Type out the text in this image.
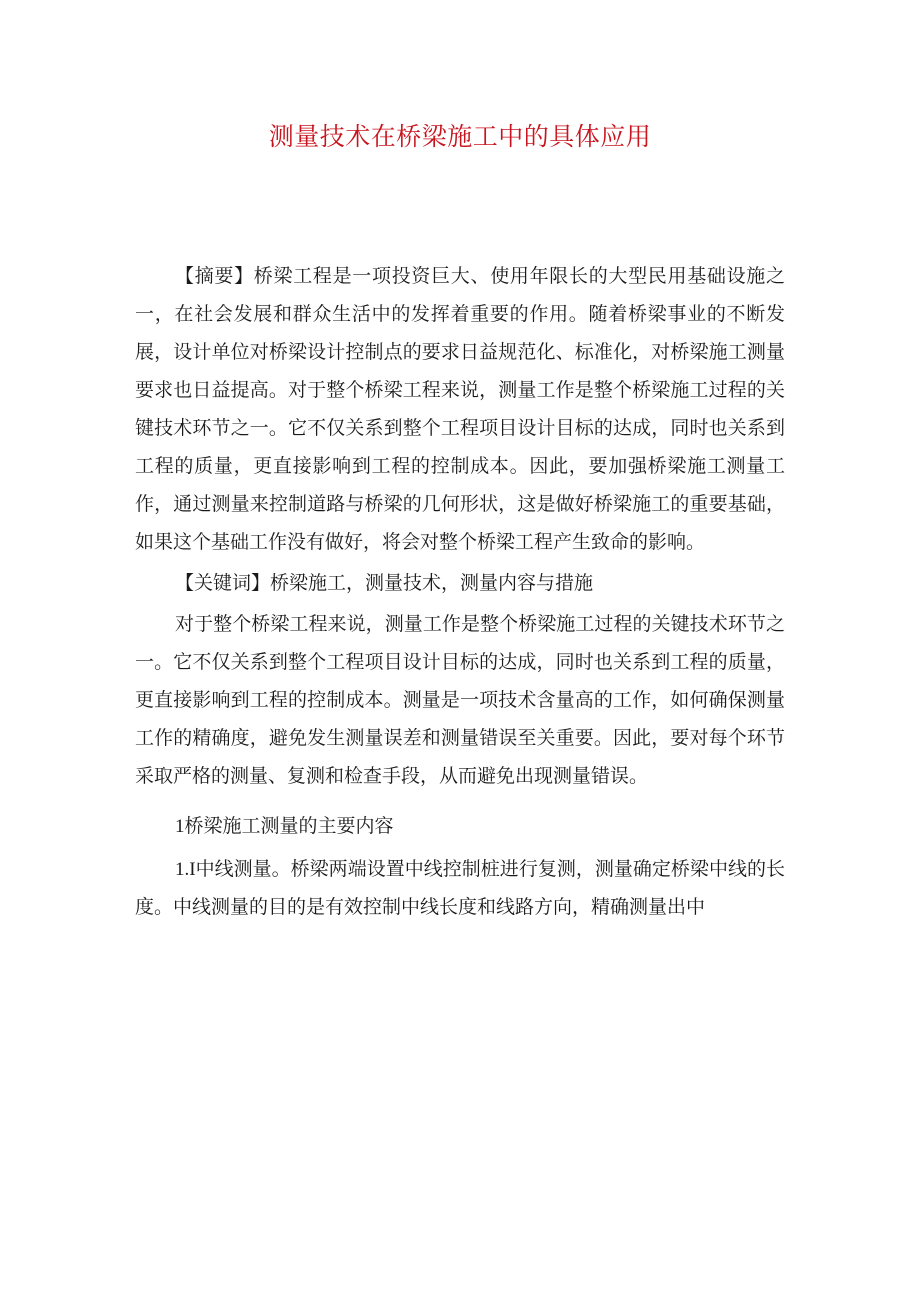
测量技术在桥梁施工中的具体应用

【摘要】桥梁工程是一项投资巨大、使用年限长的大型民用基础设施之一，在社会发展和群众生活中的发挥着重要的作用。随着桥梁事业的不断发展，设计单位对桥梁设计控制点的要求日益规范化、标准化，对桥梁施工测量要求也日益提高。对于整个桥梁工程来说，测量工作是整个桥梁施工过程的关键技术环节之一。它不仅关系到整个工程项目设计目标的达成，同时也关系到工程的质量，更直接影响到工程的控制成本。因此，要加强桥梁施工测量工作，通过测量来控制道路与桥梁的几何形状，这是做好桥梁施工的重要基础，如果这个基础工作没有做好，将会对整个桥梁工程产生致命的影响。

【关键词】桥梁施工，测量技术，测量内容与措施

对于整个桥梁工程来说，测量工作是整个桥梁施工过程的关键技术环节之一。它不仅关系到整个工程项目设计目标的达成，同时也关系到工程的质量，更直接影响到工程的控制成本。测量是一项技术含量高的工作，如何确保测量工作的精确度，避免发生测量误差和测量错误至关重要。因此，要对每个环节采取严格的测量、复测和检查手段，从而避免出现测量错误。

1桥梁施工测量的主要内容

1.I中线测量。桥梁两端设置中线控制桩进行复测，测量确定桥梁中线的长度。中线测量的目的是有效控制中线长度和线路方向，精确测量出中
